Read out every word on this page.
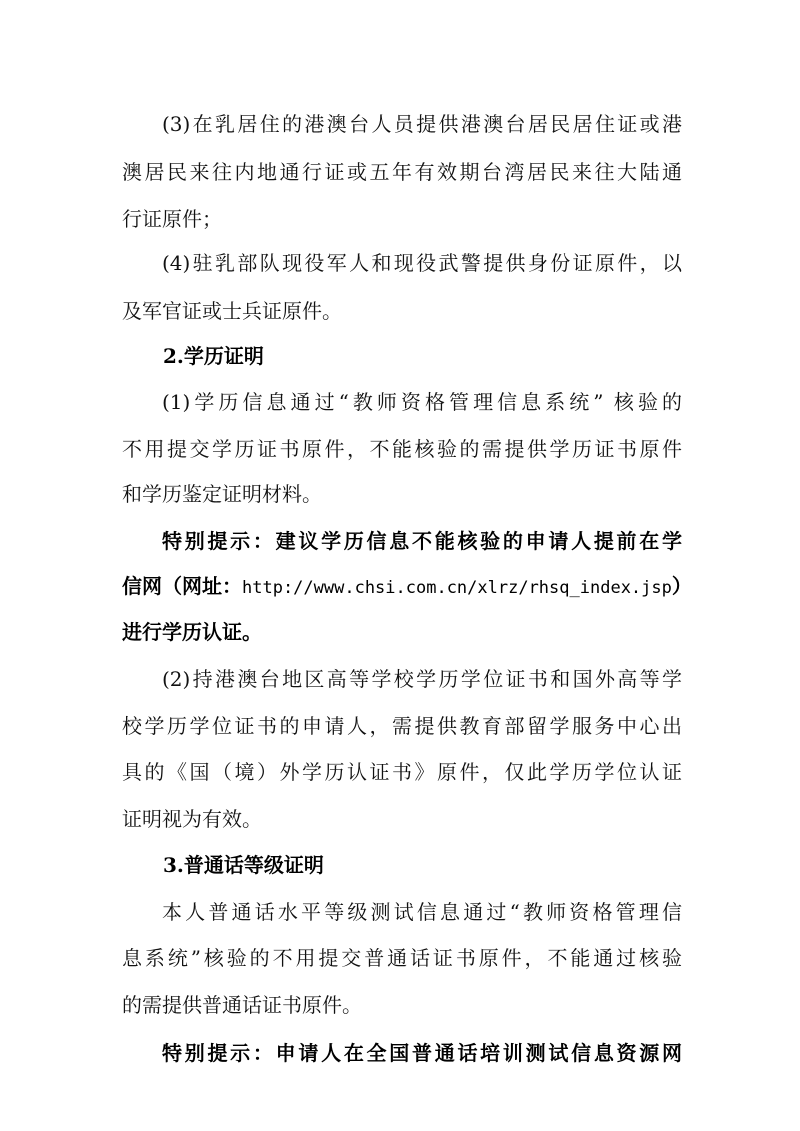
(3)在乳居住的港澳台人员提供港澳台居民居住证或港
澳居民来往内地通行证或五年有效期台湾居民来往大陆通
行证原件；
(4)驻乳部队现役军人和现役武警提供身份证原件，以
及军官证或士兵证原件。
2.学历证明
(1)学历信息通过“教师资格管理信息系统” 核验的
不用提交学历证书原件，不能核验的需提供学历证书原件
和学历鉴定证明材料。
特别提示：建议学历信息不能核验的申请人提前在学
信网（网址：http://www.chsi.com.cn/xlrz/rhsq_index.jsp）
进行学历认证。
(2)持港澳台地区高等学校学历学位证书和国外高等学
校学历学位证书的申请人，需提供教育部留学服务中心出
具的《国（境）外学历认证书》原件，仅此学历学位认证
证明视为有效。
3.普通话等级证明
本人普通话水平等级测试信息通过“教师资格管理信
息系统”核验的不用提交普通话证书原件，不能通过核验
的需提供普通话证书原件。
特别提示：申请人在全国普通话培训测试信息资源网
